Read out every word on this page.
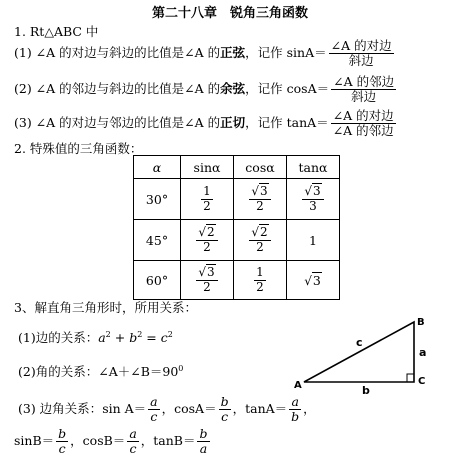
第二十八章　锐角三角函数
1. Rt△ABC 中
(1) ∠A 的对边与斜边的比值是∠A 的正弦，记作 $\sin A= \frac{\text{∠A 的对边}}{\text{斜边}}$
(2) ∠A 的邻边与斜边的比值是∠A 的余弦，记作 $\cos A= \frac{\text{∠A 的邻边}}{\text{斜边}}$
(3) ∠A 的对边与邻边的比值是∠A 的正切，记作 $\tan A= \frac{\text{∠A 的对边}}{\text{∠A 的邻边}}$
2. 特殊值的三角函数：
α	sinα	cosα	tanα
30°	$\frac{1}{2}$	$\frac{√3}{2}$	$\frac{√3}{3}$

45°	$\frac{√2}{2}$	$\frac{√2}{2}$	1
60°	$\frac{√3}{2}$	$\frac{1}{2}$	√3
3、解直角三角形时，所用关系：
(1)边的关系：$a^2 + b^2 = c^2$
(2)角的关系：$\angle A+\angle B=90^0$
(3) 边角关系：$\sin A= \frac{a}{c}$ ，$\cos A= \frac{b}{c}$ ，$\tan A= \frac{a}{b}$ ，
$\sin B= \frac{b}{c}$ ，$\cos B= \frac{a}{c}$ ，$\tan B= \frac{b}{a}$
A
B
C
c
a
b
